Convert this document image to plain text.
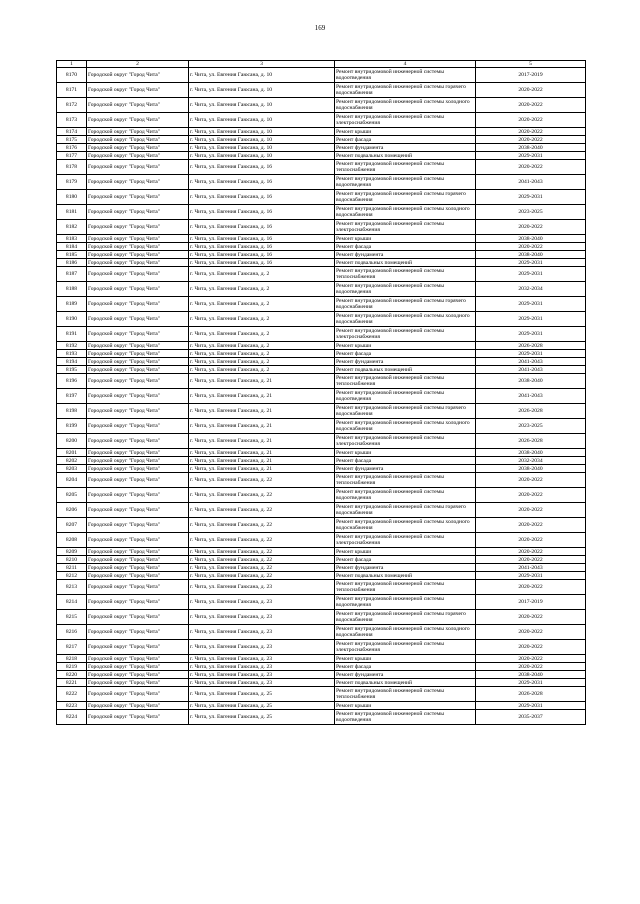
169
1	2	3	4	5
8170	Городской округ "Город Чита"	г. Чита, ул. Евгения Гаюсана, д. 10	Ремонт внутридомовой инженерной системы водоотведения	2017-2019
8171	Городской округ "Город Чита"	г. Чита, ул. Евгения Гаюсана, д. 10	Ремонт внутридомовой инженерной системы горячего водоснабжения	2020-2022
8172	Городской округ "Город Чита"	г. Чита, ул. Евгения Гаюсана, д. 10	Ремонт внутридомовой инженерной системы холодного водоснабжения	2020-2022
8173	Городской округ "Город Чита"	г. Чита, ул. Евгения Гаюсана, д. 10	Ремонт внутридомовой инженерной системы электроснабжения	2020-2022
8174	Городской округ "Город Чита"	г. Чита, ул. Евгения Гаюсана, д. 10	Ремонт крыши	2020-2022
8175	Городской округ "Город Чита"	г. Чита, ул. Евгения Гаюсана, д. 10	Ремонт фасада	2020-2022
8176	Городской округ "Город Чита"	г. Чита, ул. Евгения Гаюсана, д. 10	Ремонт фундамента	2038-2040
8177	Городской округ "Город Чита"	г. Чита, ул. Евгения Гаюсана, д. 10	Ремонт подвальных помещений	2029-2031
8178	Городской округ "Город Чита"	г. Чита, ул. Евгения Гаюсана, д. 16	Ремонт внутридомовой инженерной системы теплоснабжения	2020-2022
8179	Городской округ "Город Чита"	г. Чита, ул. Евгения Гаюсана, д. 16	Ремонт внутридомовой инженерной системы водоотведения	2041-2043
8180	Городской округ "Город Чита"	г. Чита, ул. Евгения Гаюсана, д. 16	Ремонт внутридомовой инженерной системы горячего водоснабжения	2029-2031
8181	Городской округ "Город Чита"	г. Чита, ул. Евгения Гаюсана, д. 16	Ремонт внутридомовой инженерной системы холодного водоснабжения	2023-2025
8182	Городской округ "Город Чита"	г. Чита, ул. Евгения Гаюсана, д. 16	Ремонт внутридомовой инженерной системы электроснабжения	2020-2022
8183	Городской округ "Город Чита"	г. Чита, ул. Евгения Гаюсана, д. 16	Ремонт крыши	2038-2040
8184	Городской округ "Город Чита"	г. Чита, ул. Евгения Гаюсана, д. 16	Ремонт фасада	2020-2022
8185	Городской округ "Город Чита"	г. Чита, ул. Евгения Гаюсана, д. 16	Ремонт фундамента	2038-2040
8186	Городской округ "Город Чита"	г. Чита, ул. Евгения Гаюсана, д. 16	Ремонт подвальных помещений	2029-2031
8187	Городской округ "Город Чита"	г. Чита, ул. Евгения Гаюсана, д. 2	Ремонт внутридомовой инженерной системы теплоснабжения	2029-2031
8188	Городской округ "Город Чита"	г. Чита, ул. Евгения Гаюсана, д. 2	Ремонт внутридомовой инженерной системы водоотведения	2032-2034
8189	Городской округ "Город Чита"	г. Чита, ул. Евгения Гаюсана, д. 2	Ремонт внутридомовой инженерной системы горячего водоснабжения	2029-2031
8190	Городской округ "Город Чита"	г. Чита, ул. Евгения Гаюсана, д. 2	Ремонт внутридомовой инженерной системы холодного водоснабжения	2029-2031
8191	Городской округ "Город Чита"	г. Чита, ул. Евгения Гаюсана, д. 2	Ремонт внутридомовой инженерной системы электроснабжения	2029-2031
8192	Городской округ "Город Чита"	г. Чита, ул. Евгения Гаюсана, д. 2	Ремонт крыши	2026-2028
8193	Городской округ "Город Чита"	г. Чита, ул. Евгения Гаюсана, д. 2	Ремонт фасада	2029-2031
8194	Городской округ "Город Чита"	г. Чита, ул. Евгения Гаюсана, д. 2	Ремонт фундамента	2041-2043
8195	Городской округ "Город Чита"	г. Чита, ул. Евгения Гаюсана, д. 2	Ремонт подвальных помещений	2041-2043
8196	Городской округ "Город Чита"	г. Чита, ул. Евгения Гаюсана, д. 21	Ремонт внутридомовой инженерной системы теплоснабжения	2038-2040
8197	Городской округ "Город Чита"	г. Чита, ул. Евгения Гаюсана, д. 21	Ремонт внутридомовой инженерной системы водоотведения	2041-2043
8198	Городской округ "Город Чита"	г. Чита, ул. Евгения Гаюсана, д. 21	Ремонт внутридомовой инженерной системы горячего водоснабжения	2026-2028
8199	Городской округ "Город Чита"	г. Чита, ул. Евгения Гаюсана, д. 21	Ремонт внутридомовой инженерной системы холодного водоснабжения	2023-2025
8200	Городской округ "Город Чита"	г. Чита, ул. Евгения Гаюсана, д. 21	Ремонт внутридомовой инженерной системы электроснабжения	2026-2028
8201	Городской округ "Город Чита"	г. Чита, ул. Евгения Гаюсана, д. 21	Ремонт крыши	2038-2040
8202	Городской округ "Город Чита"	г. Чита, ул. Евгения Гаюсана, д. 21	Ремонт фасада	2032-2034
8203	Городской округ "Город Чита"	г. Чита, ул. Евгения Гаюсана, д. 21	Ремонт фундамента	2038-2040
8204	Городской округ "Город Чита"	г. Чита, ул. Евгения Гаюсана, д. 22	Ремонт внутридомовой инженерной системы теплоснабжения	2020-2022
8205	Городской округ "Город Чита"	г. Чита, ул. Евгения Гаюсана, д. 22	Ремонт внутридомовой инженерной системы водоотведения	2020-2022
8206	Городской округ "Город Чита"	г. Чита, ул. Евгения Гаюсана, д. 22	Ремонт внутридомовой инженерной системы горячего водоснабжения	2020-2022
8207	Городской округ "Город Чита"	г. Чита, ул. Евгения Гаюсана, д. 22	Ремонт внутридомовой инженерной системы холодного водоснабжения	2020-2022
8208	Городской округ "Город Чита"	г. Чита, ул. Евгения Гаюсана, д. 22	Ремонт внутридомовой инженерной системы электроснабжения	2020-2022
8209	Городской округ "Город Чита"	г. Чита, ул. Евгения Гаюсана, д. 22	Ремонт крыши	2020-2022
8210	Городской округ "Город Чита"	г. Чита, ул. Евгения Гаюсана, д. 22	Ремонт фасада	2020-2022
8211	Городской округ "Город Чита"	г. Чита, ул. Евгения Гаюсана, д. 22	Ремонт фундамента	2041-2043
8212	Городской округ "Город Чита"	г. Чита, ул. Евгения Гаюсана, д. 22	Ремонт подвальных помещений	2029-2031
8213	Городской округ "Город Чита"	г. Чита, ул. Евгения Гаюсана, д. 23	Ремонт внутридомовой инженерной системы теплоснабжения	2020-2022
8214	Городской округ "Город Чита"	г. Чита, ул. Евгения Гаюсана, д. 23	Ремонт внутридомовой инженерной системы водоотведения	2017-2019
8215	Городской округ "Город Чита"	г. Чита, ул. Евгения Гаюсана, д. 23	Ремонт внутридомовой инженерной системы горячего водоснабжения	2020-2022
8216	Городской округ "Город Чита"	г. Чита, ул. Евгения Гаюсана, д. 23	Ремонт внутридомовой инженерной системы холодного водоснабжения	2020-2022
8217	Городской округ "Город Чита"	г. Чита, ул. Евгения Гаюсана, д. 23	Ремонт внутридомовой инженерной системы электроснабжения	2020-2022
8218	Городской округ "Город Чита"	г. Чита, ул. Евгения Гаюсана, д. 23	Ремонт крыши	2020-2022
8219	Городской округ "Город Чита"	г. Чита, ул. Евгения Гаюсана, д. 23	Ремонт фасада	2020-2022
8220	Городской округ "Город Чита"	г. Чита, ул. Евгения Гаюсана, д. 23	Ремонт фундамента	2038-2040
8221	Городской округ "Город Чита"	г. Чита, ул. Евгения Гаюсана, д. 23	Ремонт подвальных помещений	2029-2031
8222	Городской округ "Город Чита"	г. Чита, ул. Евгения Гаюсана, д. 25	Ремонт внутридомовой инженерной системы теплоснабжения	2026-2028
8223	Городской округ "Город Чита"	г. Чита, ул. Евгения Гаюсана, д. 25	Ремонт крыши	2029-2031
8224	Городской округ "Город Чита"	г. Чита, ул. Евгения Гаюсана, д. 25	Ремонт внутридомовой инженерной системы водоотведения	2035-2037
